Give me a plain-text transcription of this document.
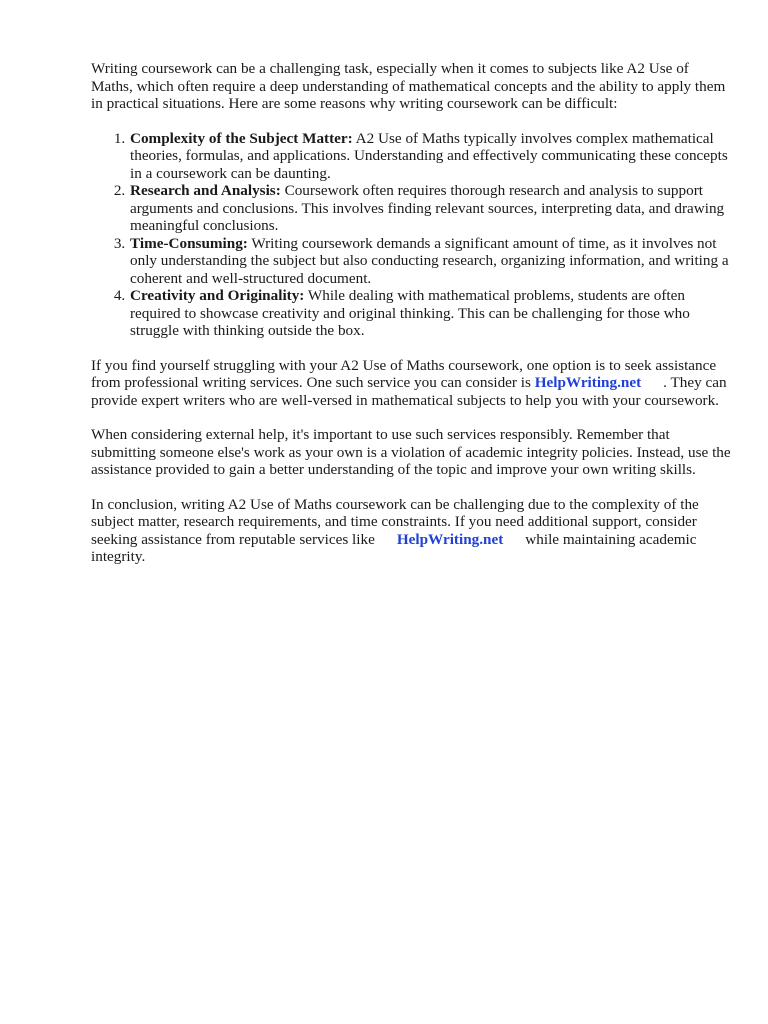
Writing coursework can be a challenging task, especially when it comes to subjects like A2 Use of Maths, which often require a deep understanding of mathematical concepts and the ability to apply them in practical situations. Here are some reasons why writing coursework can be difficult:

1. Complexity of the Subject Matter: A2 Use of Maths typically involves complex mathematical theories, formulas, and applications. Understanding and effectively communicating these concepts in a coursework can be daunting.
2. Research and Analysis: Coursework often requires thorough research and analysis to support arguments and conclusions. This involves finding relevant sources, interpreting data, and drawing meaningful conclusions.
3. Time-Consuming: Writing coursework demands a significant amount of time, as it involves not only understanding the subject but also conducting research, organizing information, and writing a coherent and well-structured document.
4. Creativity and Originality: While dealing with mathematical problems, students are often required to showcase creativity and original thinking. This can be challenging for those who struggle with thinking outside the box.

If you find yourself struggling with your A2 Use of Maths coursework, one option is to seek assistance from professional writing services. One such service you can consider is HelpWriting.net . They can provide expert writers who are well-versed in mathematical subjects to help you with your coursework.

When considering external help, it's important to use such services responsibly. Remember that submitting someone else's work as your own is a violation of academic integrity policies. Instead, use the assistance provided to gain a better understanding of the topic and improve your own writing skills.

In conclusion, writing A2 Use of Maths coursework can be challenging due to the complexity of the subject matter, research requirements, and time constraints. If you need additional support, consider seeking assistance from reputable services like HelpWriting.net while maintaining academic integrity.
